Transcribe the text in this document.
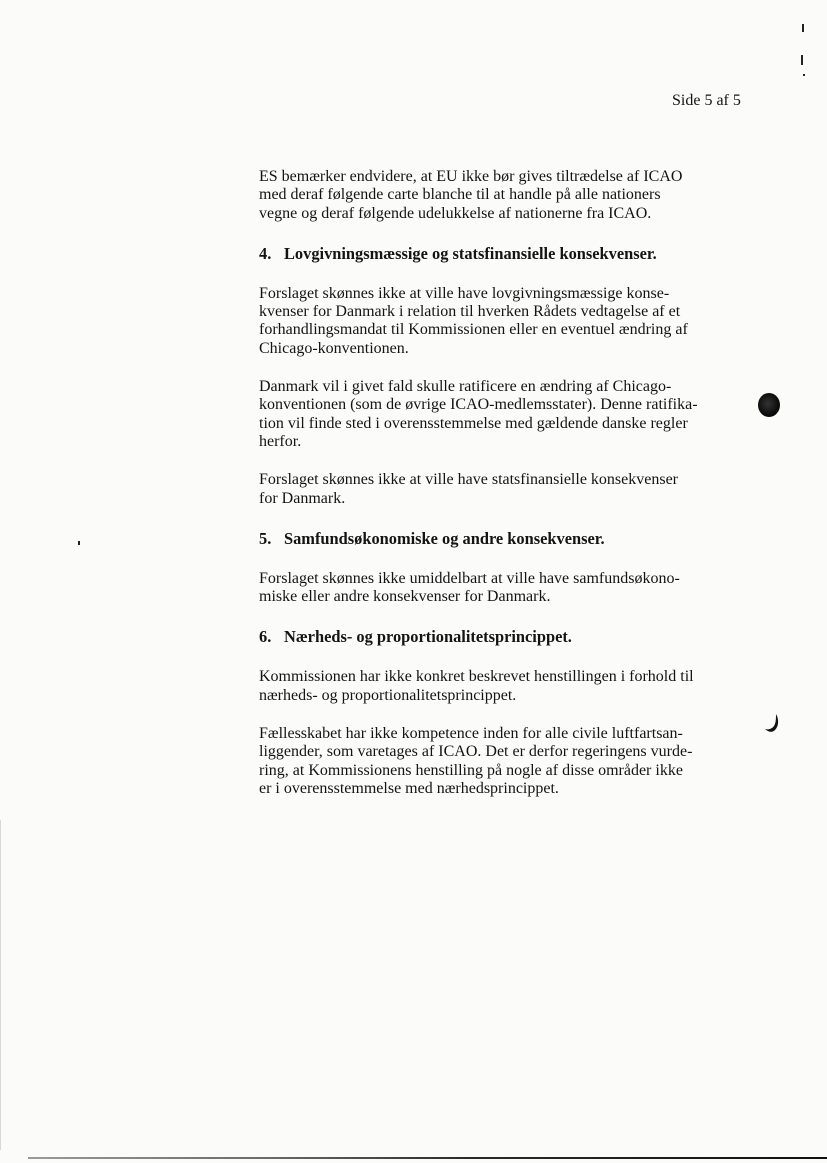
Side 5 af 5

ES bemærker endvidere, at EU ikke bør gives tiltrædelse af ICAO
med deraf følgende carte blanche til at handle på alle nationers
vegne og deraf følgende udelukkelse af nationerne fra ICAO.

4. Lovgivningsmæssige og statsfinansielle konsekvenser.

Forslaget skønnes ikke at ville have lovgivningsmæssige konse-
kvenser for Danmark i relation til hverken Rådets vedtagelse af et
forhandlingsmandat til Kommissionen eller en eventuel ændring af
Chicago-konventionen.

Danmark vil i givet fald skulle ratificere en ændring af Chicago-
konventionen (som de øvrige ICAO-medlemsstater). Denne ratifika-
tion vil finde sted i overensstemmelse med gældende danske regler
herfor.

Forslaget skønnes ikke at ville have statsfinansielle konsekvenser
for Danmark.

5. Samfundsøkonomiske og andre konsekvenser.

Forslaget skønnes ikke umiddelbart at ville have samfundsøkono-
miske eller andre konsekvenser for Danmark.

6. Nærheds- og proportionalitetsprincippet.

Kommissionen har ikke konkret beskrevet henstillingen i forhold til
nærheds- og proportionalitetsprincippet.

Fællesskabet har ikke kompetence inden for alle civile luftfartsan-
liggender, som varetages af ICAO. Det er derfor regeringens vurde-
ring, at Kommissionens henstilling på nogle af disse områder ikke
er i overensstemmelse med nærhedsprincippet.
